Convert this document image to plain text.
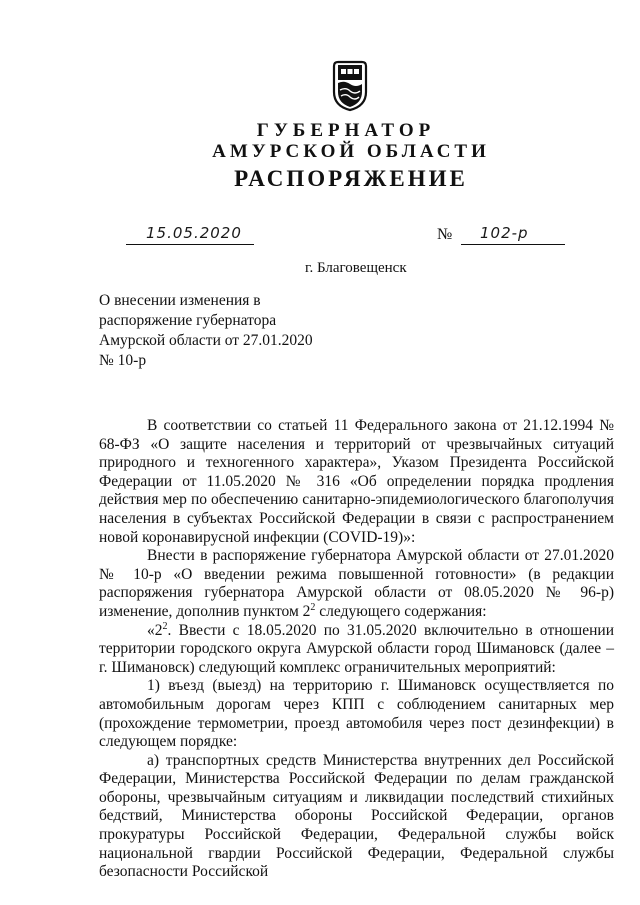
ГУБЕРНАТОР
АМУРСКОЙ ОБЛАСТИ
РАСПОРЯЖЕНИЕ
15.05.2020	№ 102-р
г. Благовещенск
О внесении изменения в
распоряжение губернатора
Амурской области от 27.01.2020
№ 10-р

В соответствии со статьей 11 Федерального закона от 21.12.1994 № 68-ФЗ «О защите населения и территорий от чрезвычайных ситуаций природного и техногенного характера», Указом Президента Российской Федерации от 11.05.2020 № 316 «Об определении порядка продления действия мер по обеспечению санитарно-эпидемиологического благополучия населения в субъектах Российской Федерации в связи с распространением новой коронавирусной инфекции (COVID-19)»:

Внести в распоряжение губернатора Амурской области от 27.01.2020 № 10-р «О введении режима повышенной готовности» (в редакции распоряжения губернатора Амурской области от 08.05.2020 № 96-р) изменение, дополнив пунктом $2^2$ следующего содержания:

«$2^2$. Ввести с 18.05.2020 по 31.05.2020 включительно в отношении территории городского округа Амурской области город Шимановск (далее – г. Шимановск) следующий комплекс ограничительных мероприятий:

1) въезд (выезд) на территорию г. Шимановск осуществляется по автомобильным дорогам через КПП с соблюдением санитарных мер (прохождение термометрии, проезд автомобиля через пост дезинфекции) в следующем порядке:

а) транспортных средств Министерства внутренних дел Российской Федерации, Министерства Российской Федерации по делам гражданской обороны, чрезвычайным ситуациям и ликвидации последствий стихийных бедствий, Министерства обороны Российской Федерации, органов прокуратуры Российской Федерации, Федеральной службы войск национальной гвардии Российской Федерации, Федеральной службы безопасности Российской
